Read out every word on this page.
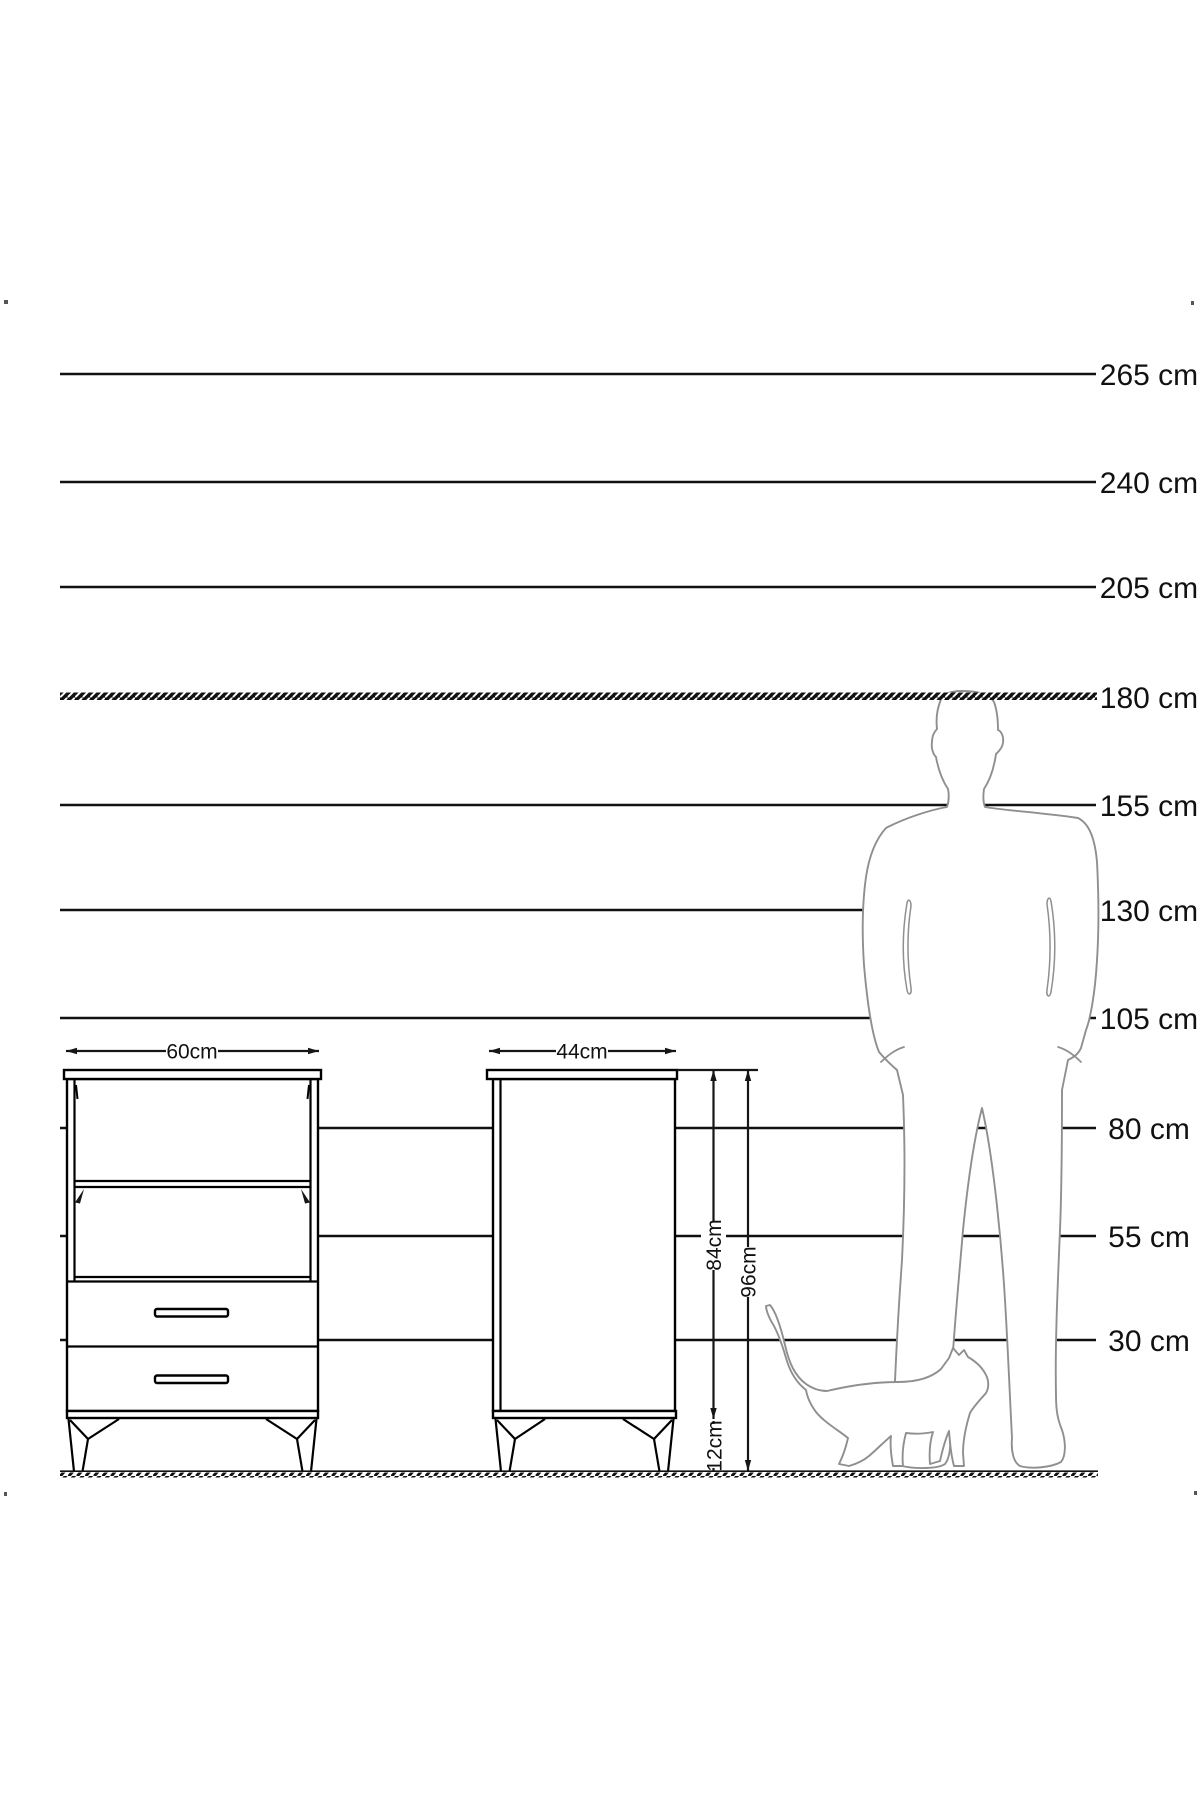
265 cm
240 cm
205 cm
180 cm
155 cm
130 cm
105 cm
80 cm
55 cm
30 cm
60cm	44cm
84cm
12cm
96cm
